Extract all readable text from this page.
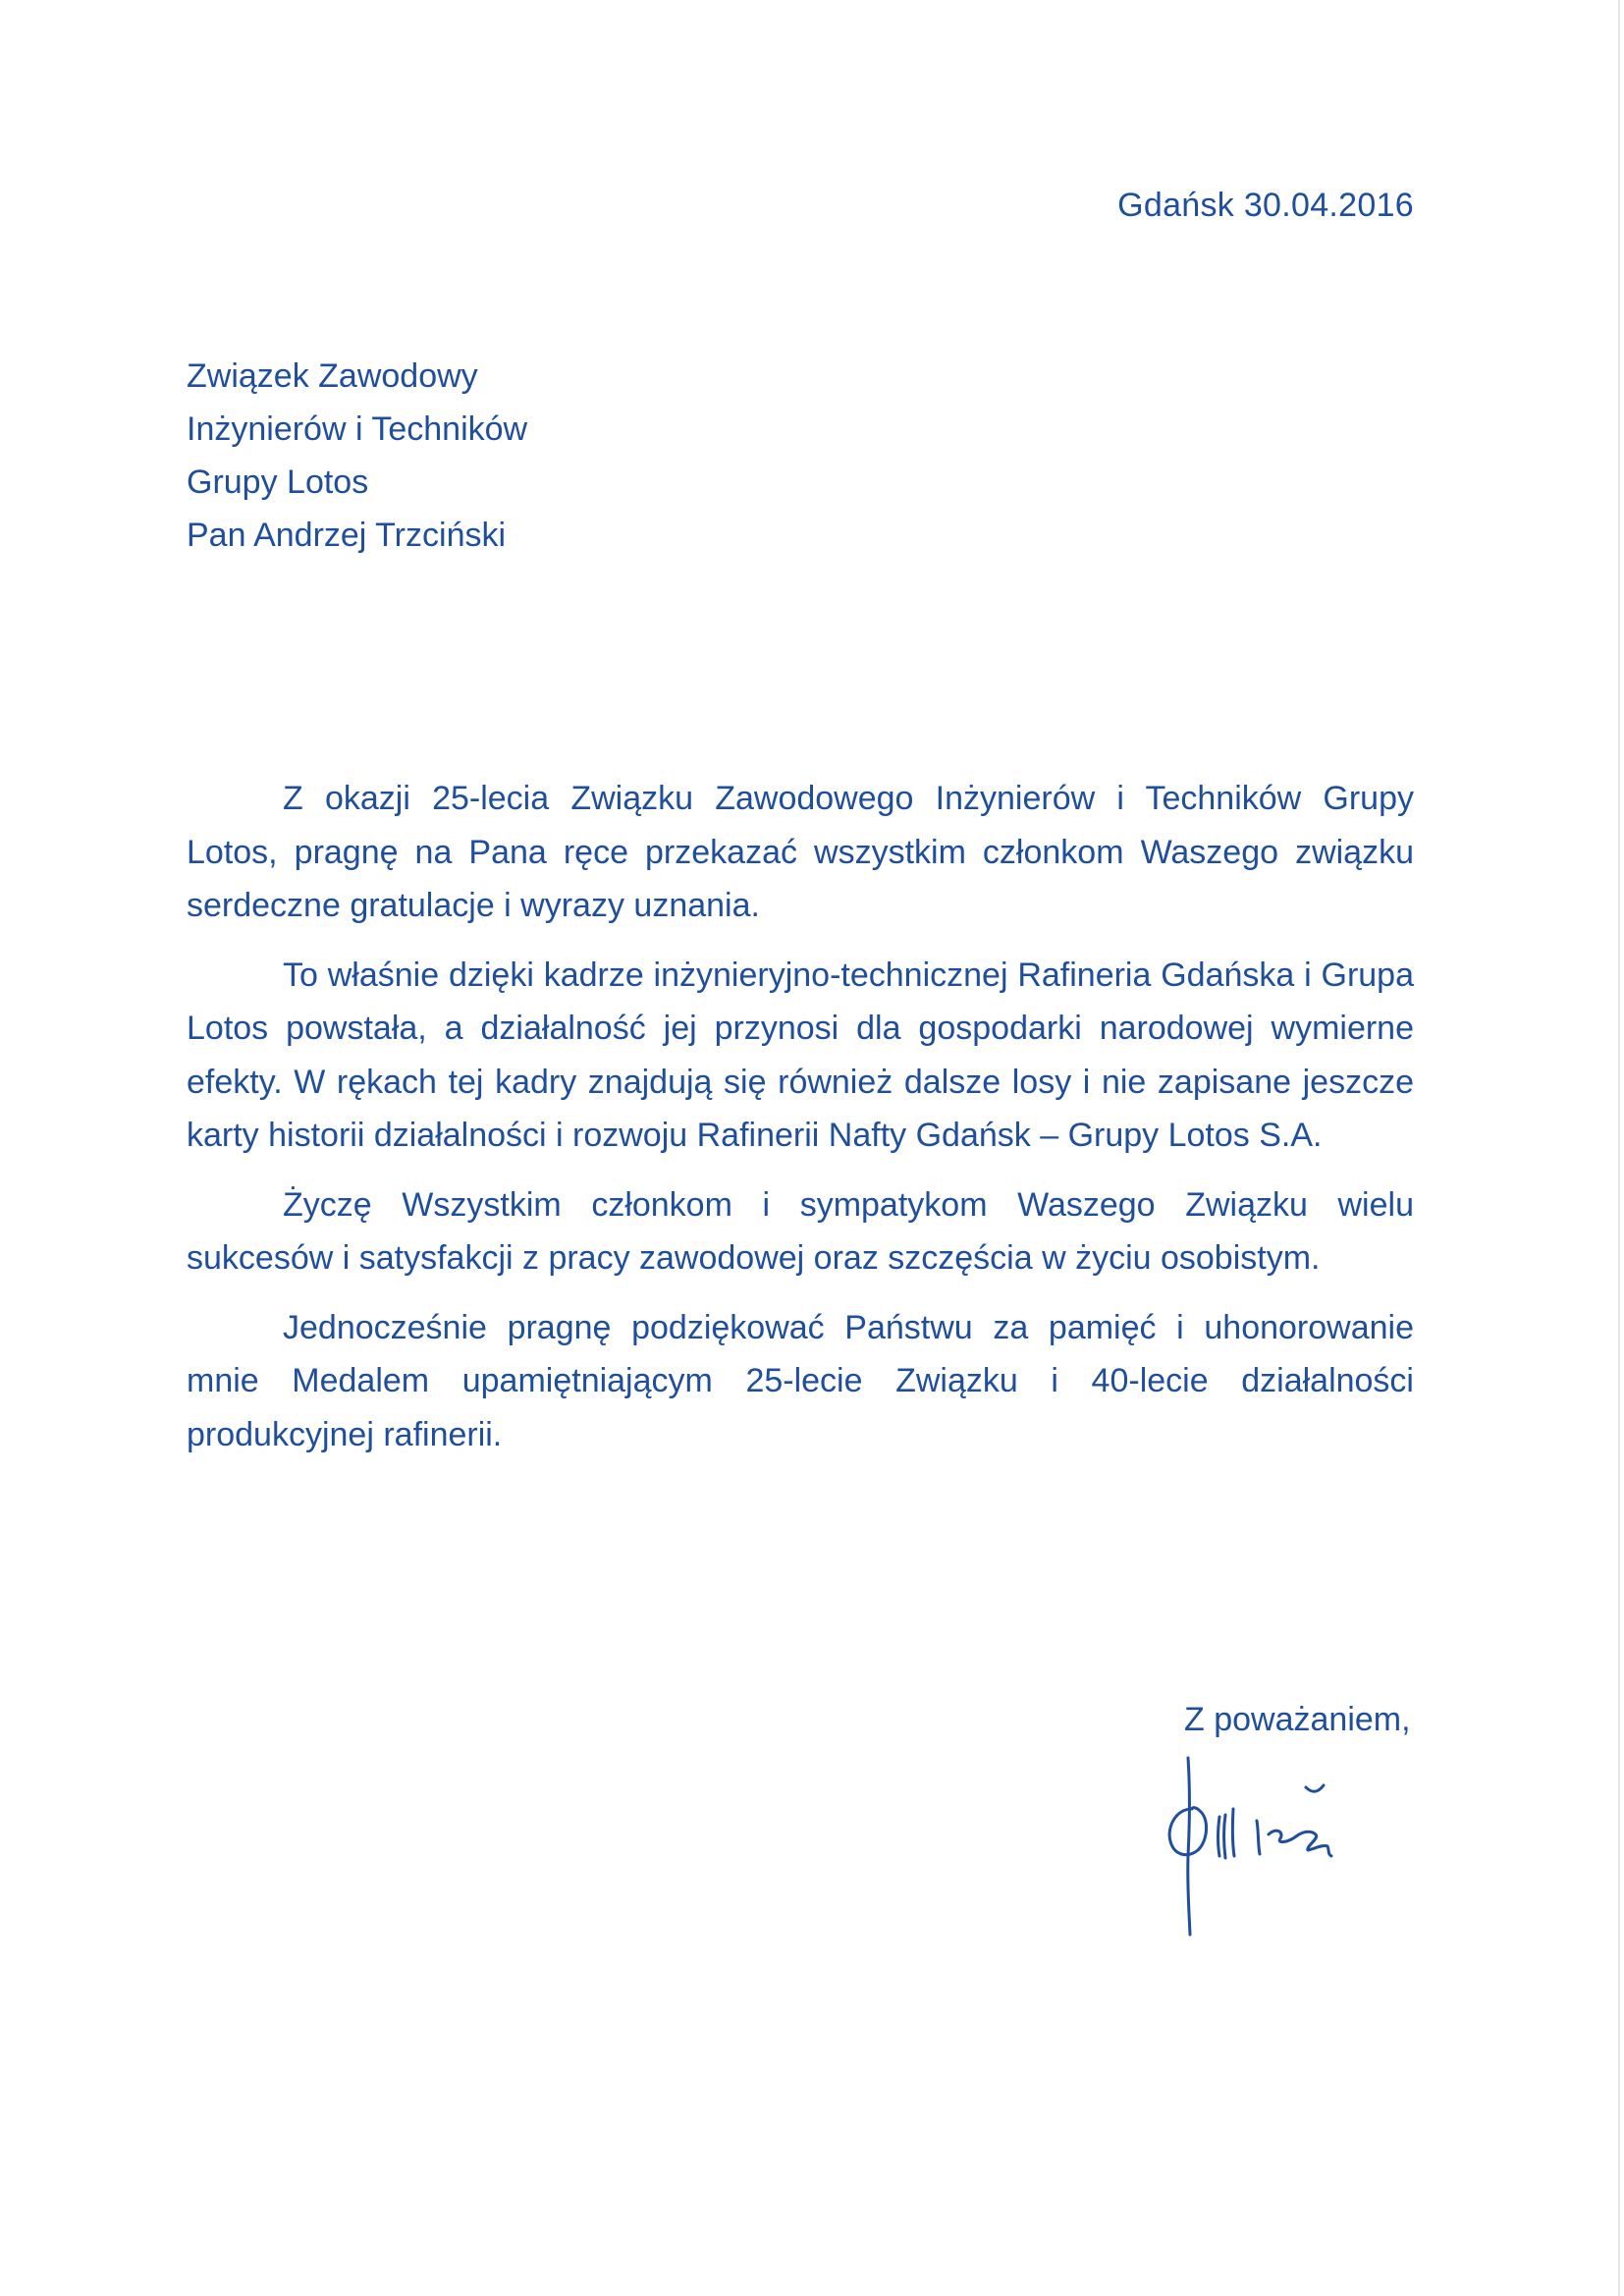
Gdańsk 30.04.2016
Związek Zawodowy
Inżynierów i Techników
Grupy Lotos
Pan Andrzej Trzciński

Z okazji 25-lecia Związku Zawodowego Inżynierów i Techników Grupy Lotos, pragnę na Pana ręce przekazać wszystkim członkom Waszego związku serdeczne gratulacje i wyrazy uznania.

To właśnie dzięki kadrze inżynieryjno-technicznej Rafineria Gdańska i Grupa Lotos powstała, a działalność jej przynosi dla gospodarki narodowej wymierne efekty. W rękach tej kadry znajdują się również dalsze losy i nie zapisane jeszcze karty historii działalności i rozwoju Rafinerii Nafty Gdańsk – Grupy Lotos S.A.

Życzę Wszystkim członkom i sympatykom Waszego Związku wielu sukcesów i satysfakcji z pracy zawodowej oraz szczęścia w życiu osobistym.

Jednocześnie pragnę podziękować Państwu za pamięć i uhonorowanie mnie Medalem upamiętniającym 25-lecie Związku i 40-lecie działalności produkcyjnej rafinerii.

Z poważaniem,
